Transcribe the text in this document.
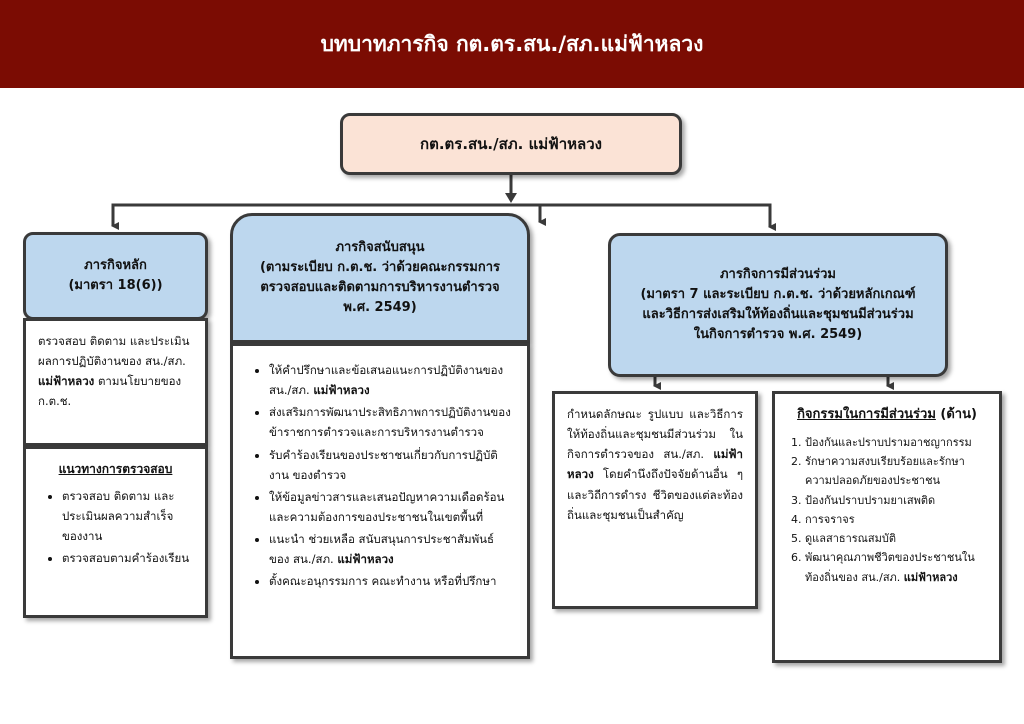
บทบาทภารกิจ กต.ตร.สน./สภ.แม่ฟ้าหลวง
กต.ตร.สน./สภ. แม่ฟ้าหลวง
ภารกิจหลัก
(มาตรา 18(6))
ตรวจสอบ ติดตาม และประเมินผลการปฏิบัติงานของ สน./สภ. แม่ฟ้าหลวง ตามนโยบายของ ก.ต.ช.
แนวทางการตรวจสอบ
• ตรวจสอบ ติดตาม และประเมินผลความสำเร็จของงาน
• ตรวจสอบตามคำร้องเรียน
ภารกิจสนับสนุน
(ตามระเบียบ ก.ต.ช. ว่าด้วยคณะกรรมการ
ตรวจสอบและติดตามการบริหารงานตำรวจ
พ.ศ. 2549)
• ให้คำปรึกษาและข้อเสนอแนะการปฏิบัติงานของ สน./สภ. แม่ฟ้าหลวง
• ส่งเสริมการพัฒนาประสิทธิภาพการปฏิบัติงานของข้าราชการตำรวจและการบริหารงานตำรวจ
• รับคำร้องเรียนของประชาชนเกี่ยวกับการปฏิบัติงาน ของตำรวจ
• ให้ข้อมูลข่าวสารและเสนอปัญหาความเดือดร้อนและความต้องการของประชาชนในเขตพื้นที่
• แนะนำ ช่วยเหลือ สนับสนุนการประชาสัมพันธ์ ของ สน./สภ. แม่ฟ้าหลวง
• ตั้งคณะอนุกรรมการ คณะทำงาน หรือที่ปรึกษา
ภารกิจการมีส่วนร่วม
(มาตรา 7 และระเบียบ ก.ต.ช. ว่าด้วยหลักเกณฑ์
และวิธีการส่งเสริมให้ท้องถิ่นและชุมชนมีส่วนร่วม
ในกิจการตำรวจ พ.ศ. 2549)
กำหนดลักษณะ รูปแบบ และวิธีการให้ท้องถิ่นและชุมชนมีส่วนร่วม ในกิจการตำรวจของ สน./สภ. แม่ฟ้าหลวง โดยคำนึงถึงปัจจัยด้านอื่น ๆ และวิถีการดำรง ชีวิตของแต่ละท้องถิ่นและชุมชนเป็นสำคัญ
กิจกรรมในการมีส่วนร่วม (ด้าน)
1. ป้องกันและปราบปรามอาชญากรรม
2. รักษาความสงบเรียบร้อยและรักษาความปลอดภัยของประชาชน
3. ป้องกันปราบปรามยาเสพติด
4. การจราจร
5. ดูแลสาธารณสมบัติ
6. พัฒนาคุณภาพชีวิตของประชาชนในท้องถิ่นของ สน./สภ. แม่ฟ้าหลวง
